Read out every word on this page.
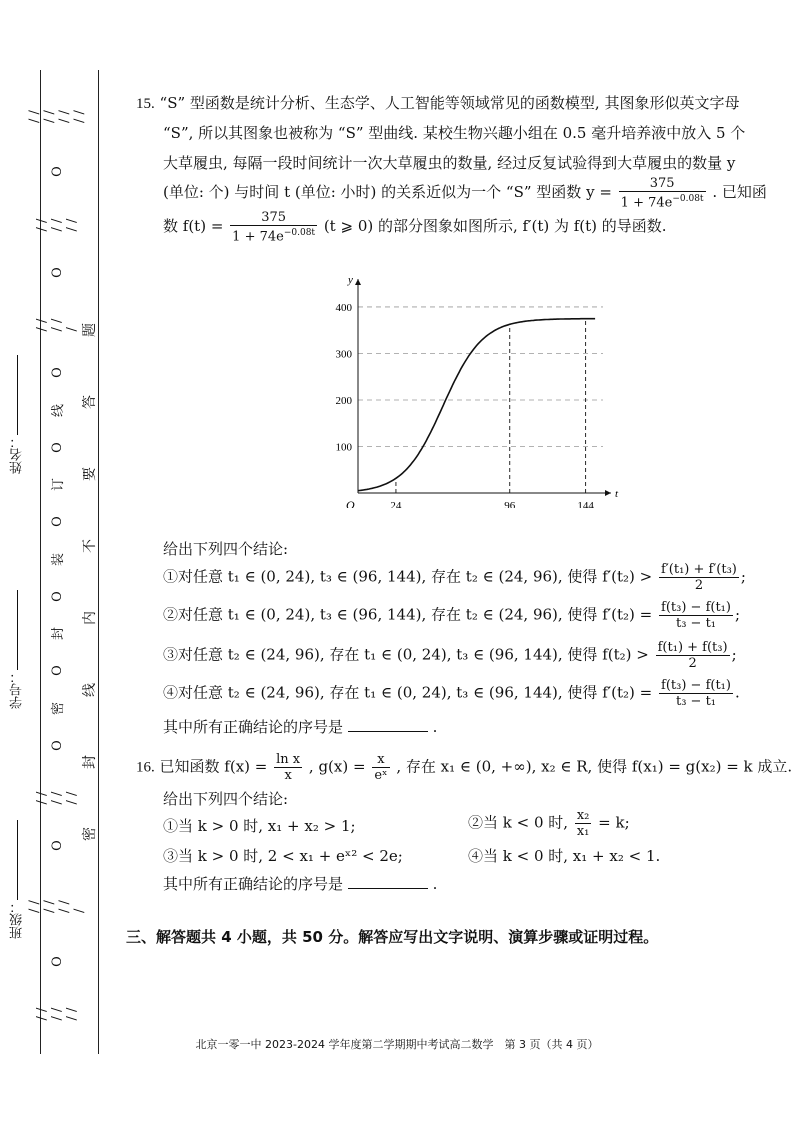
班级：
学号：
姓名：
/ / / / / / / /
O
/ / / / / /
O
/ / / / /
O
线
O
订
O
装
O
封
O
密
O
/ / / / / /
O
/ / / / / / /
O
/ / / / / /
题
答
要
不
内
线
封
密
15. “S” 型函数是统计分析、生态学、人工智能等领域常见的函数模型, 其图象形似英文字母
“S”, 所以其图象也被称为 “S” 型曲线. 某校生物兴趣小组在 0.5 毫升培养液中放入 5 个
大草履虫, 每隔一段时间统计一次大草履虫的数量, 经过反复试验得到大草履虫的数量 y
(单位: 个) 与时间 t (单位: 小时) 的关系近似为一个 “S” 型函数 $y = \frac{375}{1 + 74e^{-0.08t}}$ . 已知函
数 $f(t) = \frac{375}{1 + 74e^{-0.08t}} (t$ ⩾ 0) 的部分图象如图所示, f′(t) 为 f(t) 的导函数.
100
200
300
400
t
y
O	24	96	144
给出下列四个结论:
①对任意 t₁ ∈ (0, 24), t₃ ∈ (96, 144), 存在 t₂ ∈ (24, 96), 使得 $f'(t_2) > \frac{\text{f′(t₁) + f′(t₃)}}{2}$ ;
②对任意 t₁ ∈ (0, 24), t₃ ∈ (96, 144), 存在 t₂ ∈ (24, 96), 使得 $f'(t_2) = \frac{\text{f(t₃) − f(t₁)}}{\text{t₃ − t₁}}$ ;
③对任意 t₂ ∈ (24, 96), 存在 t₁ ∈ (0, 24), t₃ ∈ (96, 144), 使得 $f(t_2) > \frac{\text{f(t₁) + f(t₃)}}{2}$ ;
④对任意 t₂ ∈ (24, 96), 存在 t₁ ∈ (0, 24), t₃ ∈ (96, 144), 使得 $f'(t_2) = \frac{\text{f(t₃) − f(t₁)}}{\text{t₃ − t₁}}$ .
其中所有正确结论的序号是	.
16. 已知函数 $f(x) = \frac{\text{ln x}}{x}$ , $g(x) = \frac{x}{\text{eˣ}}$ , 存在 x₁ ∈ (0, +∞), x₂ ∈ R, 使得 f(x₁) = g(x₂) = k 成立.
给出下列四个结论:
①当 k > 0 时, x₁ + x₂ > 1;	②当 k < 0 时, $\frac{\text{x₂}}{\text{x₁}} = k$;
③当 k > 0 时, 2 < x₁ + eˣ² < 2e;	④当 k < 0 时, x₁ + x₂ < 1.
其中所有正确结论的序号是	.
三、解答题共 4 小题，共 50 分。解答应写出文字说明、演算步骤或证明过程。
北京一零一中 2023-2024 学年度第二学期期中考试高二数学　第 3 页（共 4 页）
